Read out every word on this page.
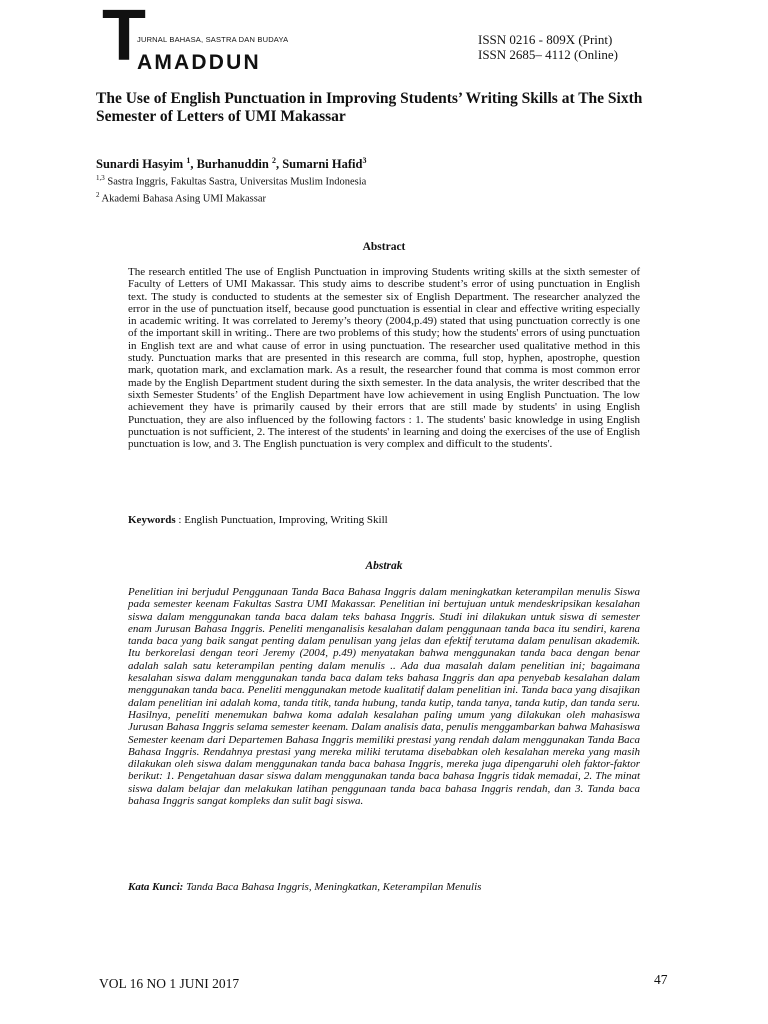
T
JURNAL BAHASA, SASTRA DAN BUDAYA
AMADDUN
ISSN 0216 - 809X (Print)
ISSN 2685– 4112 (Online)
The Use of English Punctuation in Improving Students’ Writing Skills at The Sixth Semester of Letters of UMI Makassar
Sunardi Hasyim $^1$, Burhanuddin $^2$, Sumarni Hafid$^3$
$^{1,3}$ Sastra Inggris, Fakultas Sastra, Universitas Muslim Indonesia
$^2$ Akademi Bahasa Asing UMI Makassar
Abstract
The research entitled The use of English Punctuation in improving Students writing skills at the sixth semester of Faculty of Letters of UMI Makassar. This study aims to describe student’s error of using punctuation in English text. The study is conducted to students at the semester six of English Department. The researcher analyzed the error in the use of punctuation itself, because good punctuation is essential in clear and effective writing especially in academic writing. It was correlated to Jeremy’s theory (2004,p.49) stated that using punctuation correctly is one of the important skill in writing.. There are two problems of this study; how the students' errors of using punctuation in English text are and what cause of error in using punctuation. The researcher used qualitative method in this study. Punctuation marks that are presented in this research are comma, full stop, hyphen, apostrophe, question mark, quotation mark, and exclamation mark. As a result, the researcher found that comma is most common error made by the English Department student during the sixth semester. In the data analysis, the writer described that the sixth Semester Students’ of the English Department have low achievement in using English Punctuation. The low achievement they have is primarily caused by their errors that are still made by students' in using English Punctuation, they are also influenced by the following factors : 1. The students' basic knowledge in using English punctuation is not sufficient, 2. The interest of the students' in learning and doing the exercises of the use of English punctuation is low, and 3. The English punctuation is very complex and difficult to the students'.
Keywords : English Punctuation, Improving, Writing Skill
Abstrak
Penelitian ini berjudul Penggunaan Tanda Baca Bahasa Inggris dalam meningkatkan keterampilan menulis Siswa pada semester keenam Fakultas Sastra UMI Makassar. Penelitian ini bertujuan untuk mendeskripsikan kesalahan siswa dalam menggunakan tanda baca dalam teks bahasa Inggris. Studi ini dilakukan untuk siswa di semester enam Jurusan Bahasa Inggris. Peneliti menganalisis kesalahan dalam penggunaan tanda baca itu sendiri, karena tanda baca yang baik sangat penting dalam penulisan yang jelas dan efektif terutama dalam penulisan akademik. Itu berkorelasi dengan teori Jeremy (2004, p.49) menyatakan bahwa menggunakan tanda baca dengan benar adalah salah satu keterampilan penting dalam menulis .. Ada dua masalah dalam penelitian ini; bagaimana kesalahan siswa dalam menggunakan tanda baca dalam teks bahasa Inggris dan apa penyebab kesalahan dalam menggunakan tanda baca. Peneliti menggunakan metode kualitatif dalam penelitian ini. Tanda baca yang disajikan dalam penelitian ini adalah koma, tanda titik, tanda hubung, tanda kutip, tanda tanya, tanda kutip, dan tanda seru. Hasilnya, peneliti menemukan bahwa koma adalah kesalahan paling umum yang dilakukan oleh mahasiswa Jurusan Bahasa Inggris selama semester keenam. Dalam analisis data, penulis menggambarkan bahwa Mahasiswa Semester keenam dari Departemen Bahasa Inggris memiliki prestasi yang rendah dalam menggunakan Tanda Baca Bahasa Inggris. Rendahnya prestasi yang mereka miliki terutama disebabkan oleh kesalahan mereka yang masih dilakukan oleh siswa dalam menggunakan tanda baca bahasa Inggris, mereka juga dipengaruhi oleh faktor-faktor berikut: 1. Pengetahuan dasar siswa dalam menggunakan tanda baca bahasa Inggris tidak memadai, 2. The minat siswa dalam belajar dan melakukan latihan penggunaan tanda baca bahasa Inggris rendah, dan 3. Tanda baca bahasa Inggris sangat kompleks dan sulit bagi siswa.
Kata Kunci: Tanda Baca Bahasa Inggris, Meningkatkan, Keterampilan Menulis
VOL 16 NO 1 JUNI 2017	47
